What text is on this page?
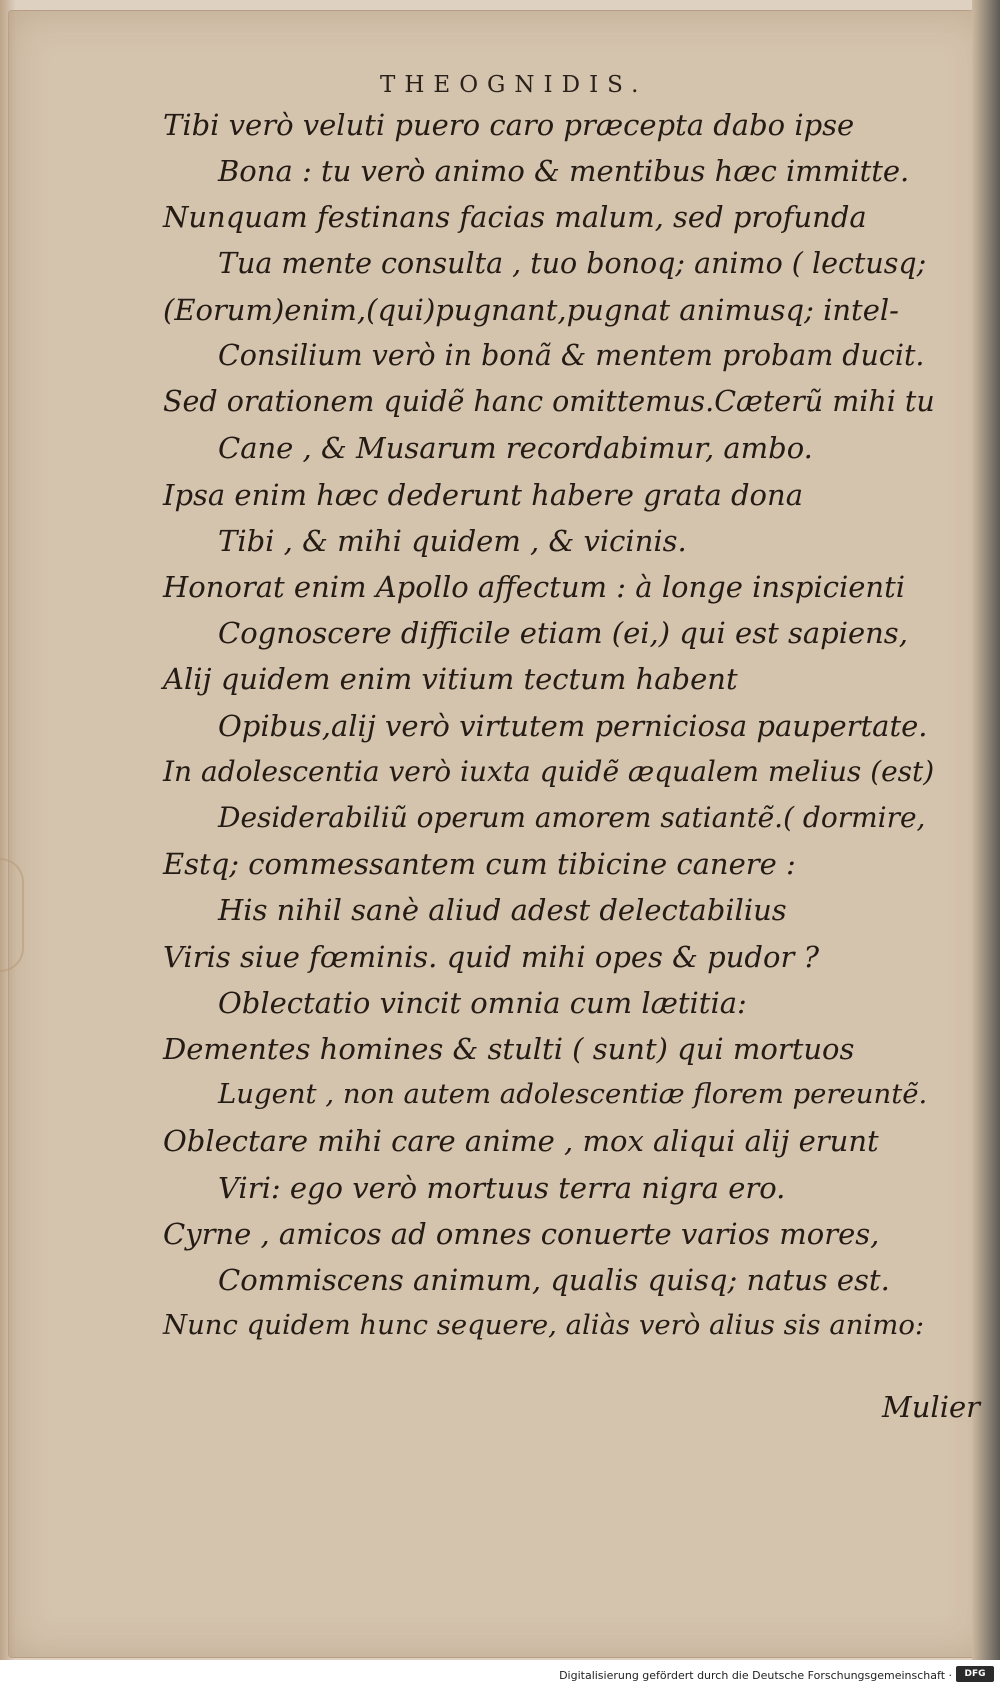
THEOGNIDIS.
Tibi verò veluti puero caro præcepta dabo ipse
Bona : tu verò animo & mentibus hæc immitte.
Nunquam festinans facias malum, sed profunda
Tua mente consulta , tuo bonoq; animo ( lectusq;
(Eorum)enim,(qui)pugnant,pugnat animusq; intel-
Consilium verò in bonã & mentem probam ducit.
Sed orationem quidẽ hanc omittemus.Cæterũ mihi tu
Cane , & Musarum recordabimur, ambo.
Ipsa enim hæc dederunt habere grata dona
Tibi , & mihi quidem , & vicinis.
Honorat enim Apollo affectum : à longe inspicienti
Cognoscere difficile etiam (ei,) qui est sapiens,
Alij quidem enim vitium tectum habent
Opibus,alij verò virtutem perniciosa paupertate.
In adolescentia verò iuxta quidẽ æqualem melius (est)
Desiderabiliũ operum amorem satiantẽ.( dormire,
Estq; commessantem cum tibicine canere :
His nihil sanè aliud adest delectabilius
Viris siue fœminis. quid mihi opes & pudor ?
Oblectatio vincit omnia cum lætitia:
Dementes homines & stulti ( sunt) qui mortuos
Lugent , non autem adolescentiæ florem pereuntẽ.
Oblectare mihi care anime , mox aliqui alij erunt
Viri: ego verò mortuus terra nigra ero.
Cyrne , amicos ad omnes conuerte varios mores,
Commiscens animum, qualis quisq; natus est.
Nunc quidem hunc sequere, aliàs verò alius sis animo:
Mulier
Digitalisierung gefördert durch die Deutsche Forschungsgemeinschaft ·	DFG
